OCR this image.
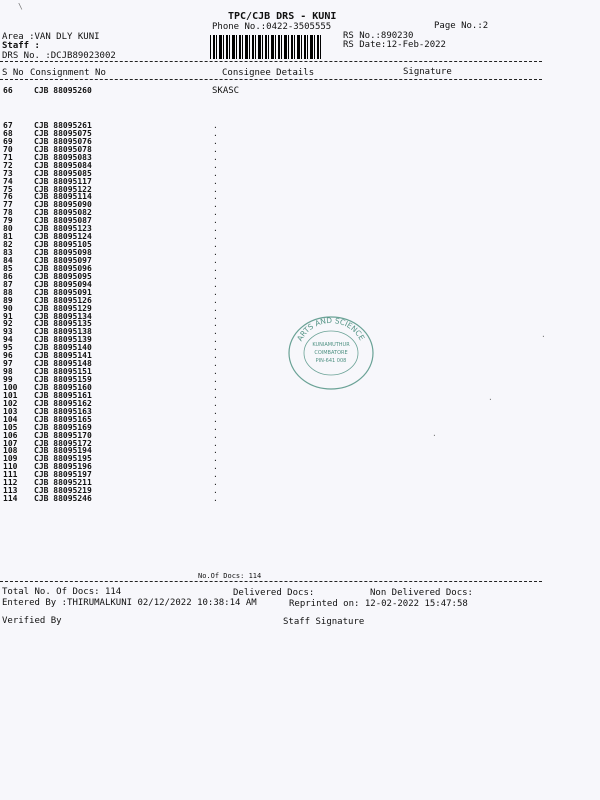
\
TPC/CJB DRS - KUNI
Phone No.:0422-3505555	Page No.:2
Area :VAN DLY KUNI
Staff :
DRS No. :DCJB89023002
RS No.:890230
RS Date:12-Feb-2022
S No Consignment No	Consignee Details	Signature
66	CJB 88095260	SKASC
67	CJB 88095261	.
68	CJB 88095075	.
69	CJB 88095076	.
70	CJB 88095078	.
71	CJB 88095083	.
72	CJB 88095084	.
73	CJB 88095085	.
74	CJB 88095117	.
75	CJB 88095122	.
76	CJB 88095114	.
77	CJB 88095090	.
78	CJB 88095082	.
79	CJB 88095087	.
80	CJB 88095123	.
81	CJB 88095124	.
82	CJB 88095105	.
83	CJB 88095098	.
84	CJB 88095097	.
85	CJB 88095096	.
86	CJB 88095095	.
87	CJB 88095094	.
88	CJB 88095091	.
89	CJB 88095126	.
90	CJB 88095129	.
91	CJB 88095134	.
92	CJB 88095135	.
93	CJB 88095138	.
94	CJB 88095139	.
95	CJB 88095140	.
96	CJB 88095141	.
97	CJB 88095148	.
98	CJB 88095151	.
99	CJB 88095159	.
100 CJB 88095160	.
101 CJB 88095161	.
102 CJB 88095162	.
103 CJB 88095163	.
104 CJB 88095165	.
105 CJB 88095169	.
106 CJB 88095170	.
107 CJB 88095172	.
108 CJB 88095194	.
109 CJB 88095195	.
110 CJB 88095196	.
111 CJB 88095197	.
112 CJB 88095211	.
113 CJB 88095219	.
114 CJB 88095246	.
No.Of Docs: 114
Total No. Of Docs: 114	Delivered Docs:	Non Delivered Docs:
Entered By :THIRUMALKUNI 02/12/2022 10:38:14 AM	Reprinted on: 12-02-2022 15:47:58
Verified By	Staff Signature
.
.
.
ARTS AND SCIENCE
KUNIAMUTHUR
COIMBATORE
PIN-641 008
